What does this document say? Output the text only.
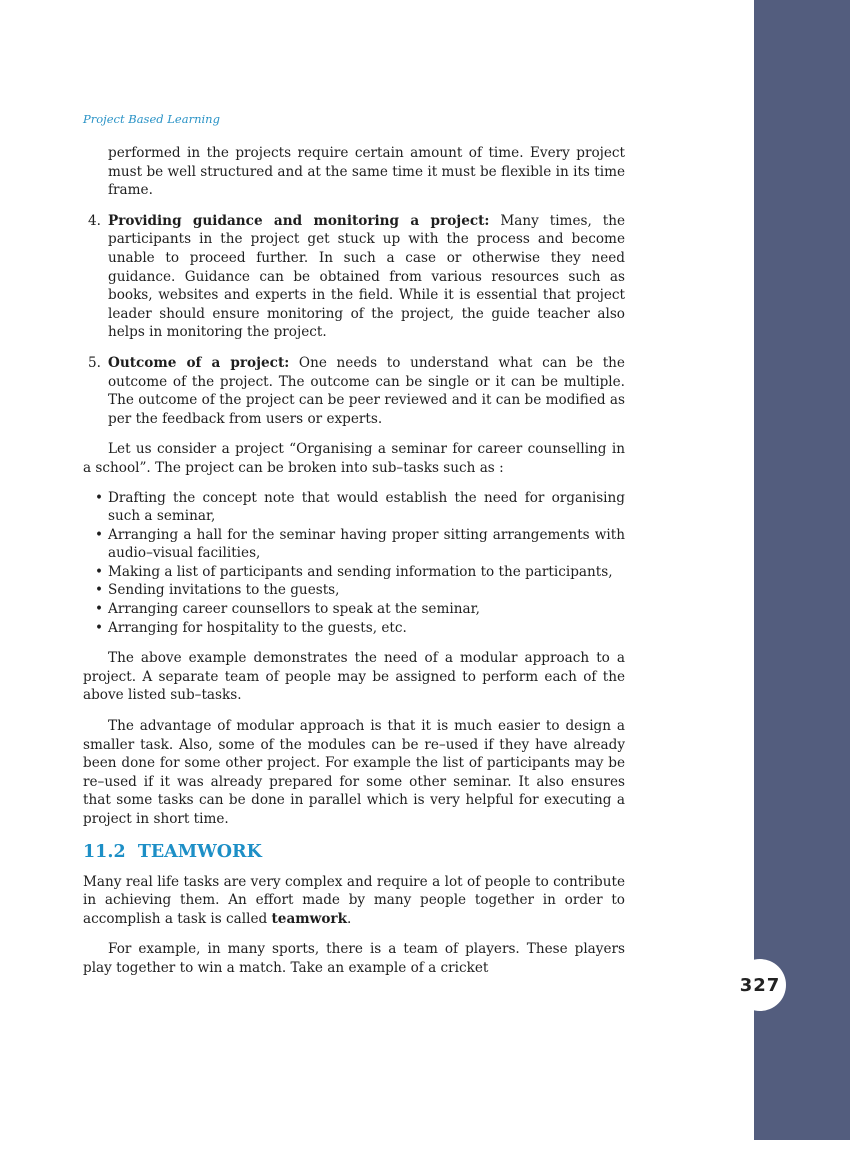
327
Project Based Learning

performed in the projects require certain amount of time. Every project must be well structured and at the same time it must be flexible in its time frame.

4. Providing guidance and monitoring a project: Many times, the participants in the project get stuck up with the process and become unable to proceed further. In such a case or otherwise they need guidance. Guidance can be obtained from various resources such as books, websites and experts in the field. While it is essential that project leader should ensure monitoring of the project, the guide teacher also helps in monitoring the project.

5. Outcome of a project: One needs to understand what can be the outcome of the project. The outcome can be single or it can be multiple. The outcome of the project can be peer reviewed and it can be modified as per the feedback from users or experts.

Let us consider a project “Organising a seminar for career counselling in a school”. The project can be broken into sub–tasks such as :

• Drafting the concept note that would establish the need for organising such a seminar,
• Arranging a hall for the seminar having proper sitting arrangements with audio–visual facilities,
• Making a list of participants and sending information to the participants,
• Sending invitations to the guests,
• Arranging career counsellors to speak at the seminar,
• Arranging for hospitality to the guests, etc.

The above example demonstrates the need of a modular approach to a project. A separate team of people may be assigned to perform each of the above listed sub–tasks.

The advantage of modular approach is that it is much easier to design a smaller task. Also, some of the modules can be re–used if they have already been done for some other project. For example the list of participants may be re–used if it was already prepared for some other seminar. It also ensures that some tasks can be done in parallel which is very helpful for executing a project in short time.

11.2 TEAMWORK

Many real life tasks are very complex and require a lot of people to contribute in achieving them. An effort made by many people together in order to accomplish a task is called teamwork.

For example, in many sports, there is a team of players. These players play together to win a match. Take an example of a cricket
